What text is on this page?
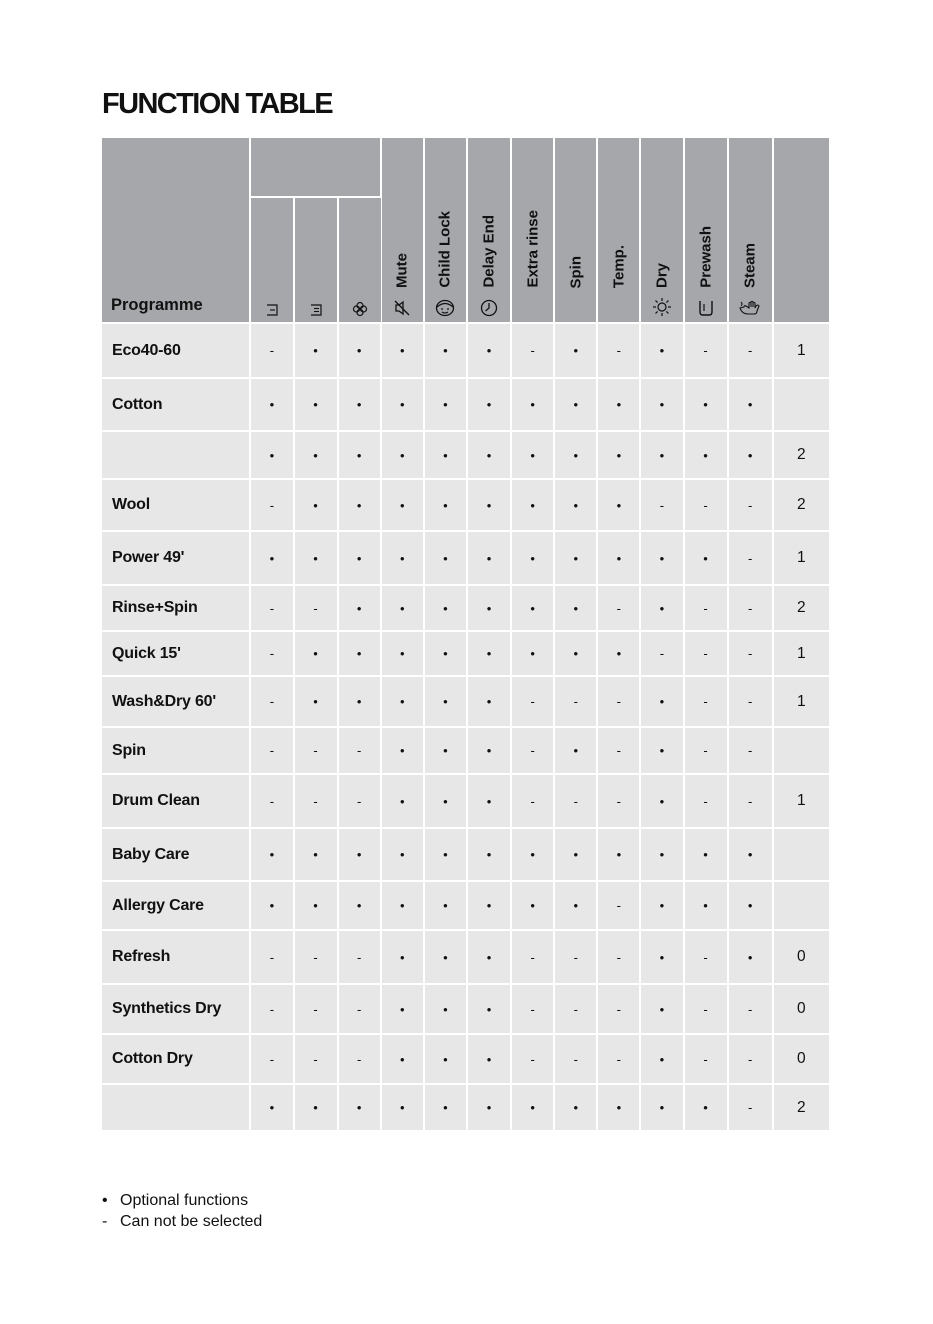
FUNCTION TABLE
Programme				Mute	Child Lock	Delay End	Extra rinse	Spin	Temp.	Dry	Prewash	Steam	

Eco40-60	-	•	•	•	•	•	-	•	-	•	-	-	1
Cotton	•	•	•	•	•	•	•	•	•	•	•	•	
	•	•	•	•	•	•	•	•	•	•	•	•	2
Wool	-	•	•	•	•	•	•	•	•	-	-	-	2
Power 49'	•	•	•	•	•	•	•	•	•	•	•	-	1
Rinse+Spin	-	-	•	•	•	•	•	•	-	•	-	-	2
Quick 15'	-	•	•	•	•	•	•	•	•	-	-	-	1
Wash&Dry 60'	-	•	•	•	•	•	-	-	-	•	-	-	1
Spin	-	-	-	•	•	•	-	•	-	•	-	-	
Drum Clean	-	-	-	•	•	•	-	-	-	•	-	-	1
Baby Care	•	•	•	•	•	•	•	•	•	•	•	•	
Allergy Care	•	•	•	•	•	•	•	•	-	•	•	•	
Refresh	-	-	-	•	•	•	-	-	-	•	-	•	0
Synthetics Dry	-	-	-	•	•	•	-	-	-	•	-	-	0
Cotton Dry	-	-	-	•	•	•	-	-	-	•	-	-	0
	•	•	•	•	•	•	•	•	•	•	•	-	2
• Optional functions
- Can not be selected
